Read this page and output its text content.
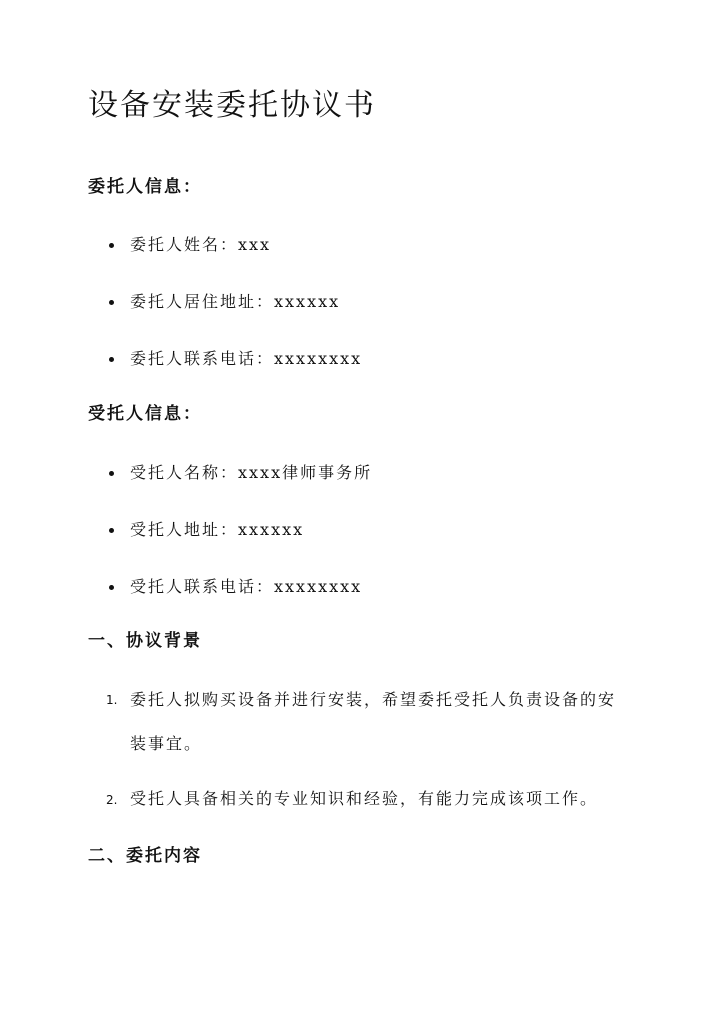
设备安装委托协议书
委托人信息：
委托人姓名：xxx
委托人居住地址：xxxxxx
委托人联系电话：xxxxxxxx
受托人信息：
受托人名称：xxxx律师事务所
受托人地址：xxxxxx
受托人联系电话：xxxxxxxx
一、协议背景
1. 委托人拟购买设备并进行安装，希望委托受托人负责设备的安装事宜。
2. 受托人具备相关的专业知识和经验，有能力完成该项工作。
二、委托内容
